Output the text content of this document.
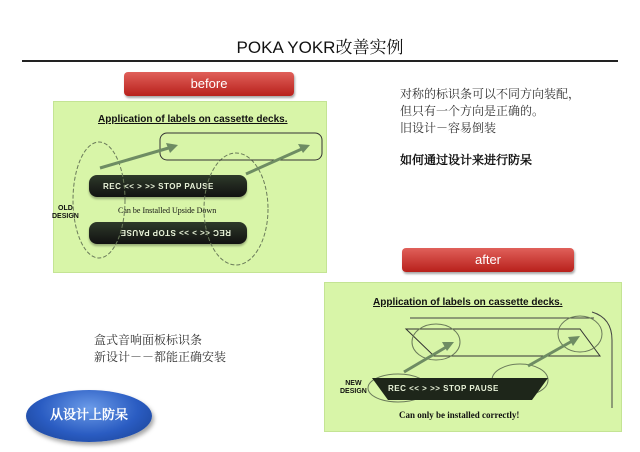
POKA YOKR改善实例
before
after
Application of labels on cassette decks.
REC << > >> STOP PAUSE
Can be Installed Upside Down
REC << > >> STOP PAUSE
OLD
DESIGN
Application of labels on cassette decks.
Can only be installed correctly!
REC << > >> STOP PAUSE
NEW
DESIGN
对称的标识条可以不同方向装配，
但只有一个方向是正确的。
旧设计－容易倒装
如何通过设计来进行防呆
盒式音响面板标识条
新设计－－都能正确安装
从设计上防呆
